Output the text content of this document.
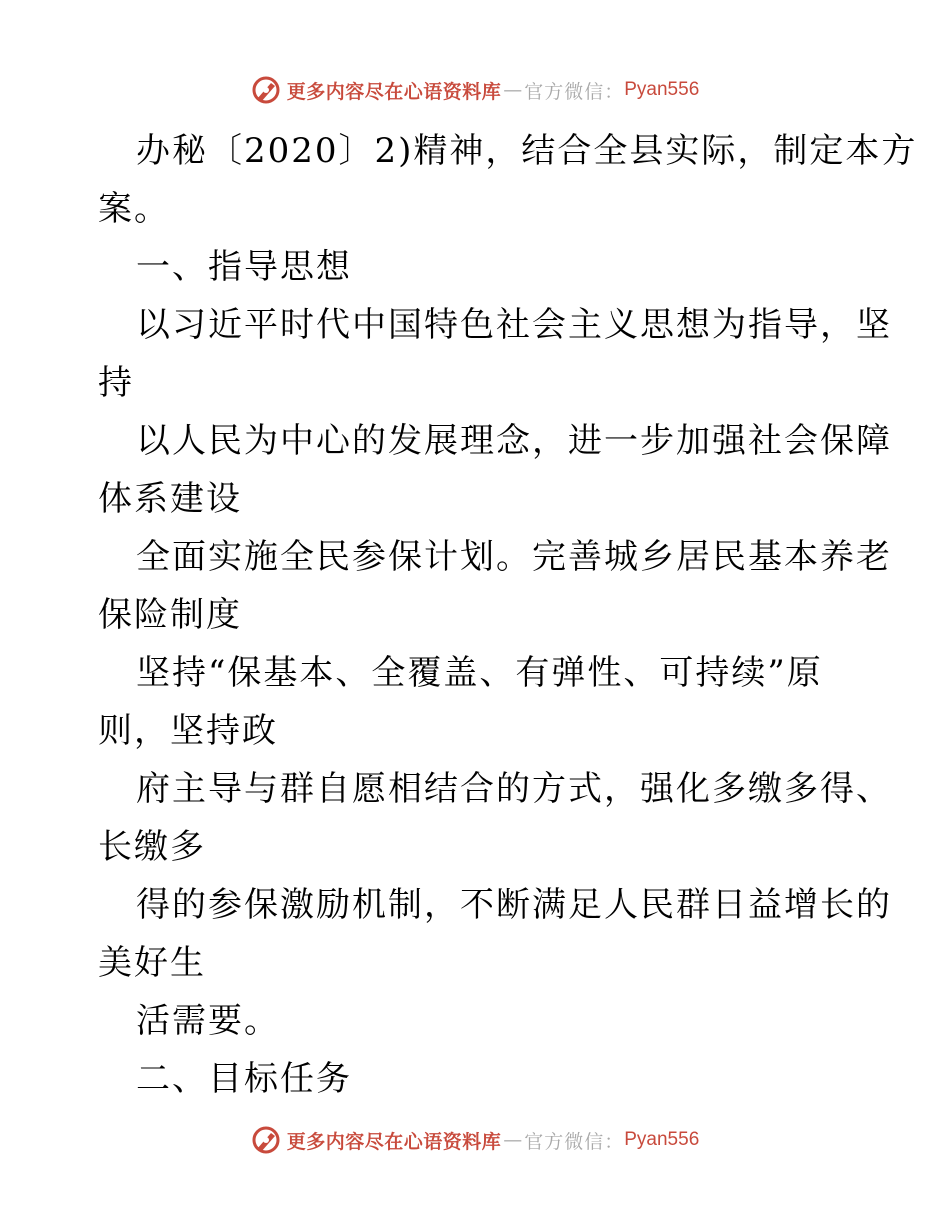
更多内容尽在心语资料库 — 官方微信： Pyan556
办秘〔2020〕2)精神，结合全县实际，制定本方
案。
一、指导思想
以习近平时代中国特色社会主义思想为指导，坚
持
以人民为中心的发展理念，进一步加强社会保障
体系建设
全面实施全民参保计划。完善城乡居民基本养老
保险制度
坚持“保基本、全覆盖、有弹性、可持续”原
则，坚持政
府主导与群自愿相结合的方式，强化多缴多得、
长缴多
得的参保激励机制，不断满足人民群日益增长的
美好生
活需要。
二、目标任务
更多内容尽在心语资料库 — 官方微信： Pyan556
